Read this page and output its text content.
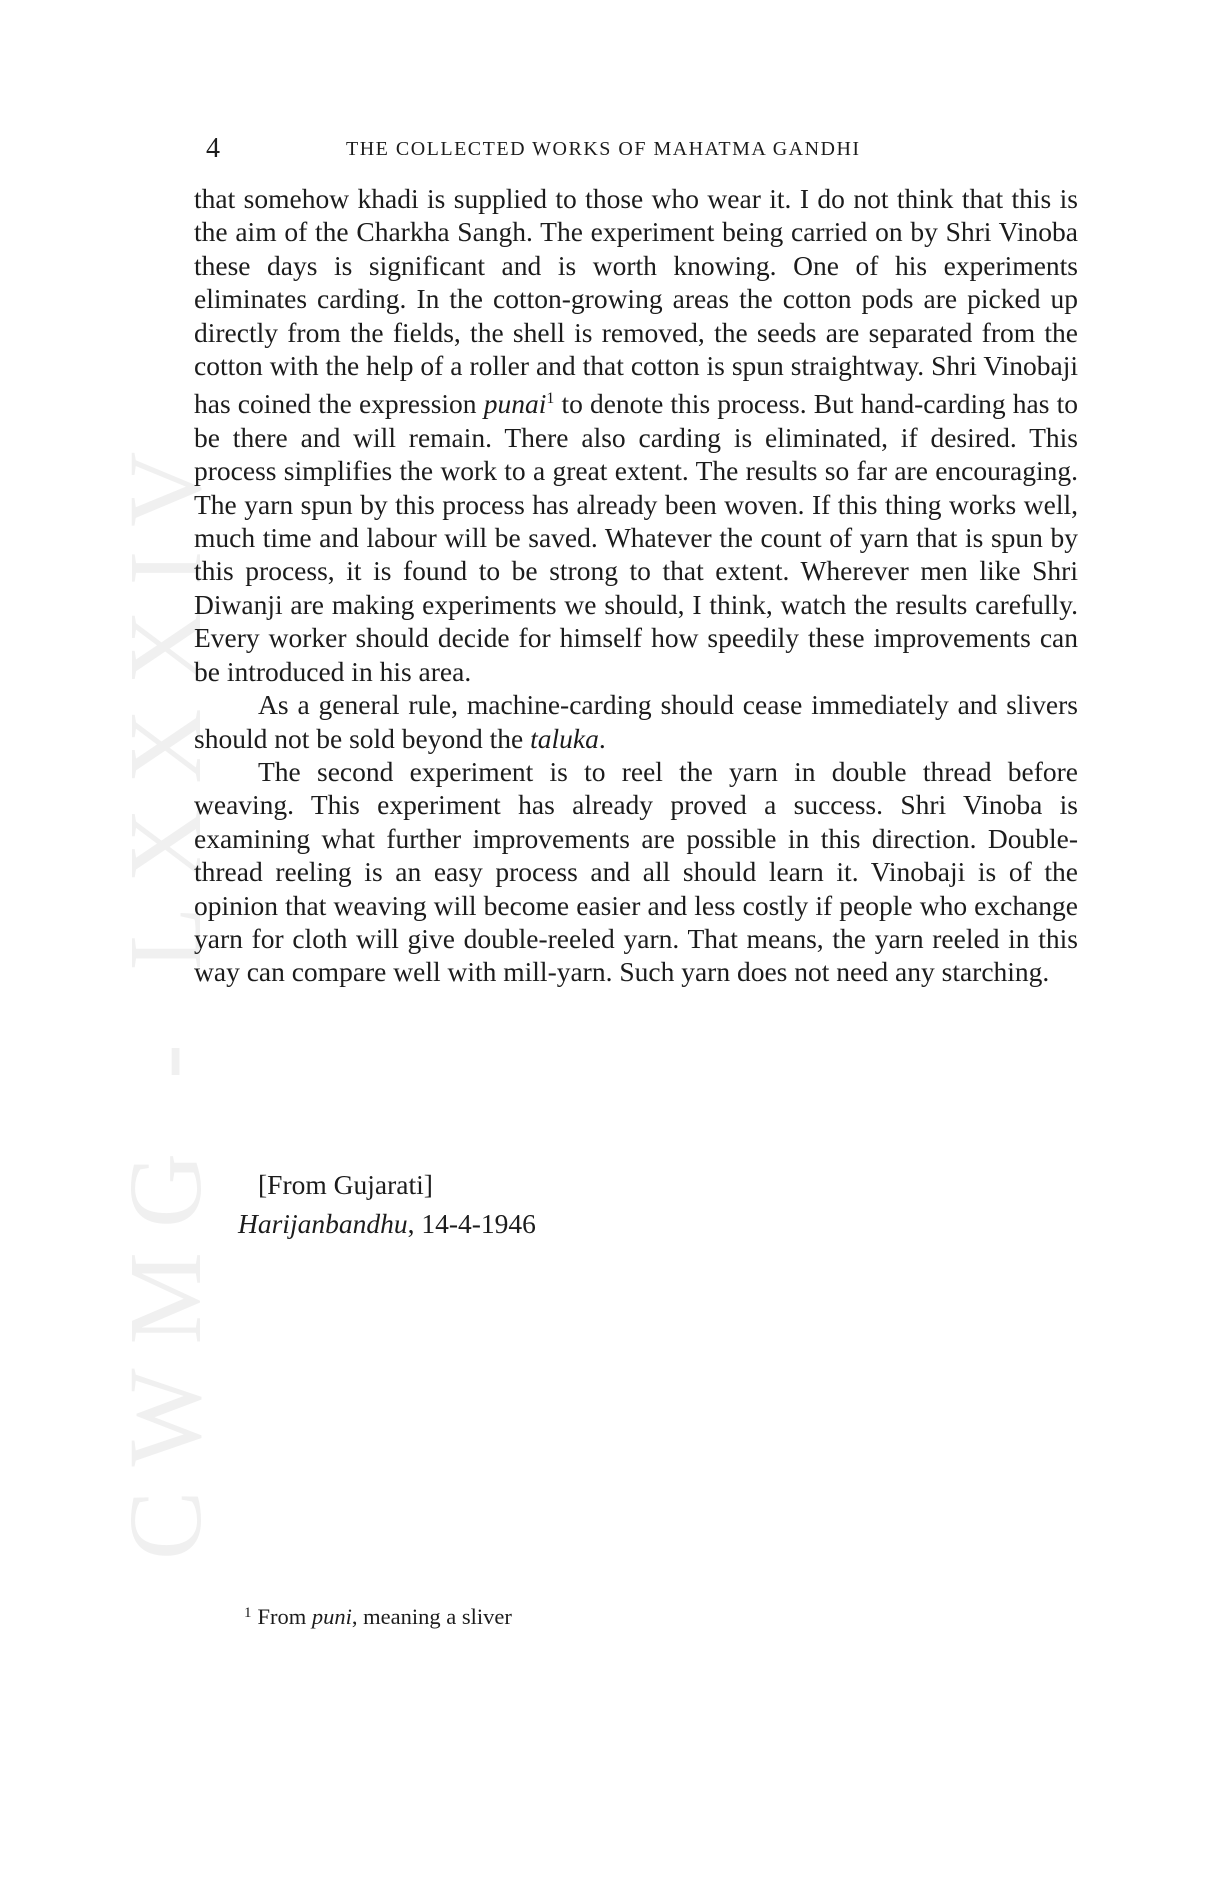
CWMG - LXXXIV
4	THE COLLECTED WORKS OF MAHATMA GANDHI

that somehow khadi is supplied to those who wear it. I do not think that this is the aim of the Charkha Sangh. The experiment being carried on by Shri Vinoba these days is significant and is worth knowing. One of his experiments eliminates carding. In the cotton-growing areas the cotton pods are picked up directly from the fields, the shell is removed, the seeds are separated from the cotton with the help of a roller and that cotton is spun straightway. Shri Vinobaji has coined the expression punai$^1$ to denote this process. But hand-carding has to be there and will remain. There also carding is eliminated, if desired. This process simplifies the work to a great extent. The results so far are encouraging. The yarn spun by this process has already been woven. If this thing works well, much time and labour will be saved. Whatever the count of yarn that is spun by this process, it is found to be strong to that extent. Wherever men like Shri Diwanji are making experiments we should, I think, watch the results carefully. Every worker should decide for himself how speedily these improvements can be introduced in his area.

As a general rule, machine-carding should cease immediately and slivers should not be sold beyond the taluka.

The second experiment is to reel the yarn in double thread before weaving. This experiment has already proved a success. Shri Vinoba is examining what further improvements are possible in this direction. Double-thread reeling is an easy process and all should learn it. Vinobaji is of the opinion that weaving will become easier and less costly if people who exchange yarn for cloth will give double-reeled yarn. That means, the yarn reeled in this way can compare well with mill-yarn. Such yarn does not need any starching.

[From Gujarati]
Harijanbandhu, 14-4-1946
$^1$ From puni, meaning a sliver
